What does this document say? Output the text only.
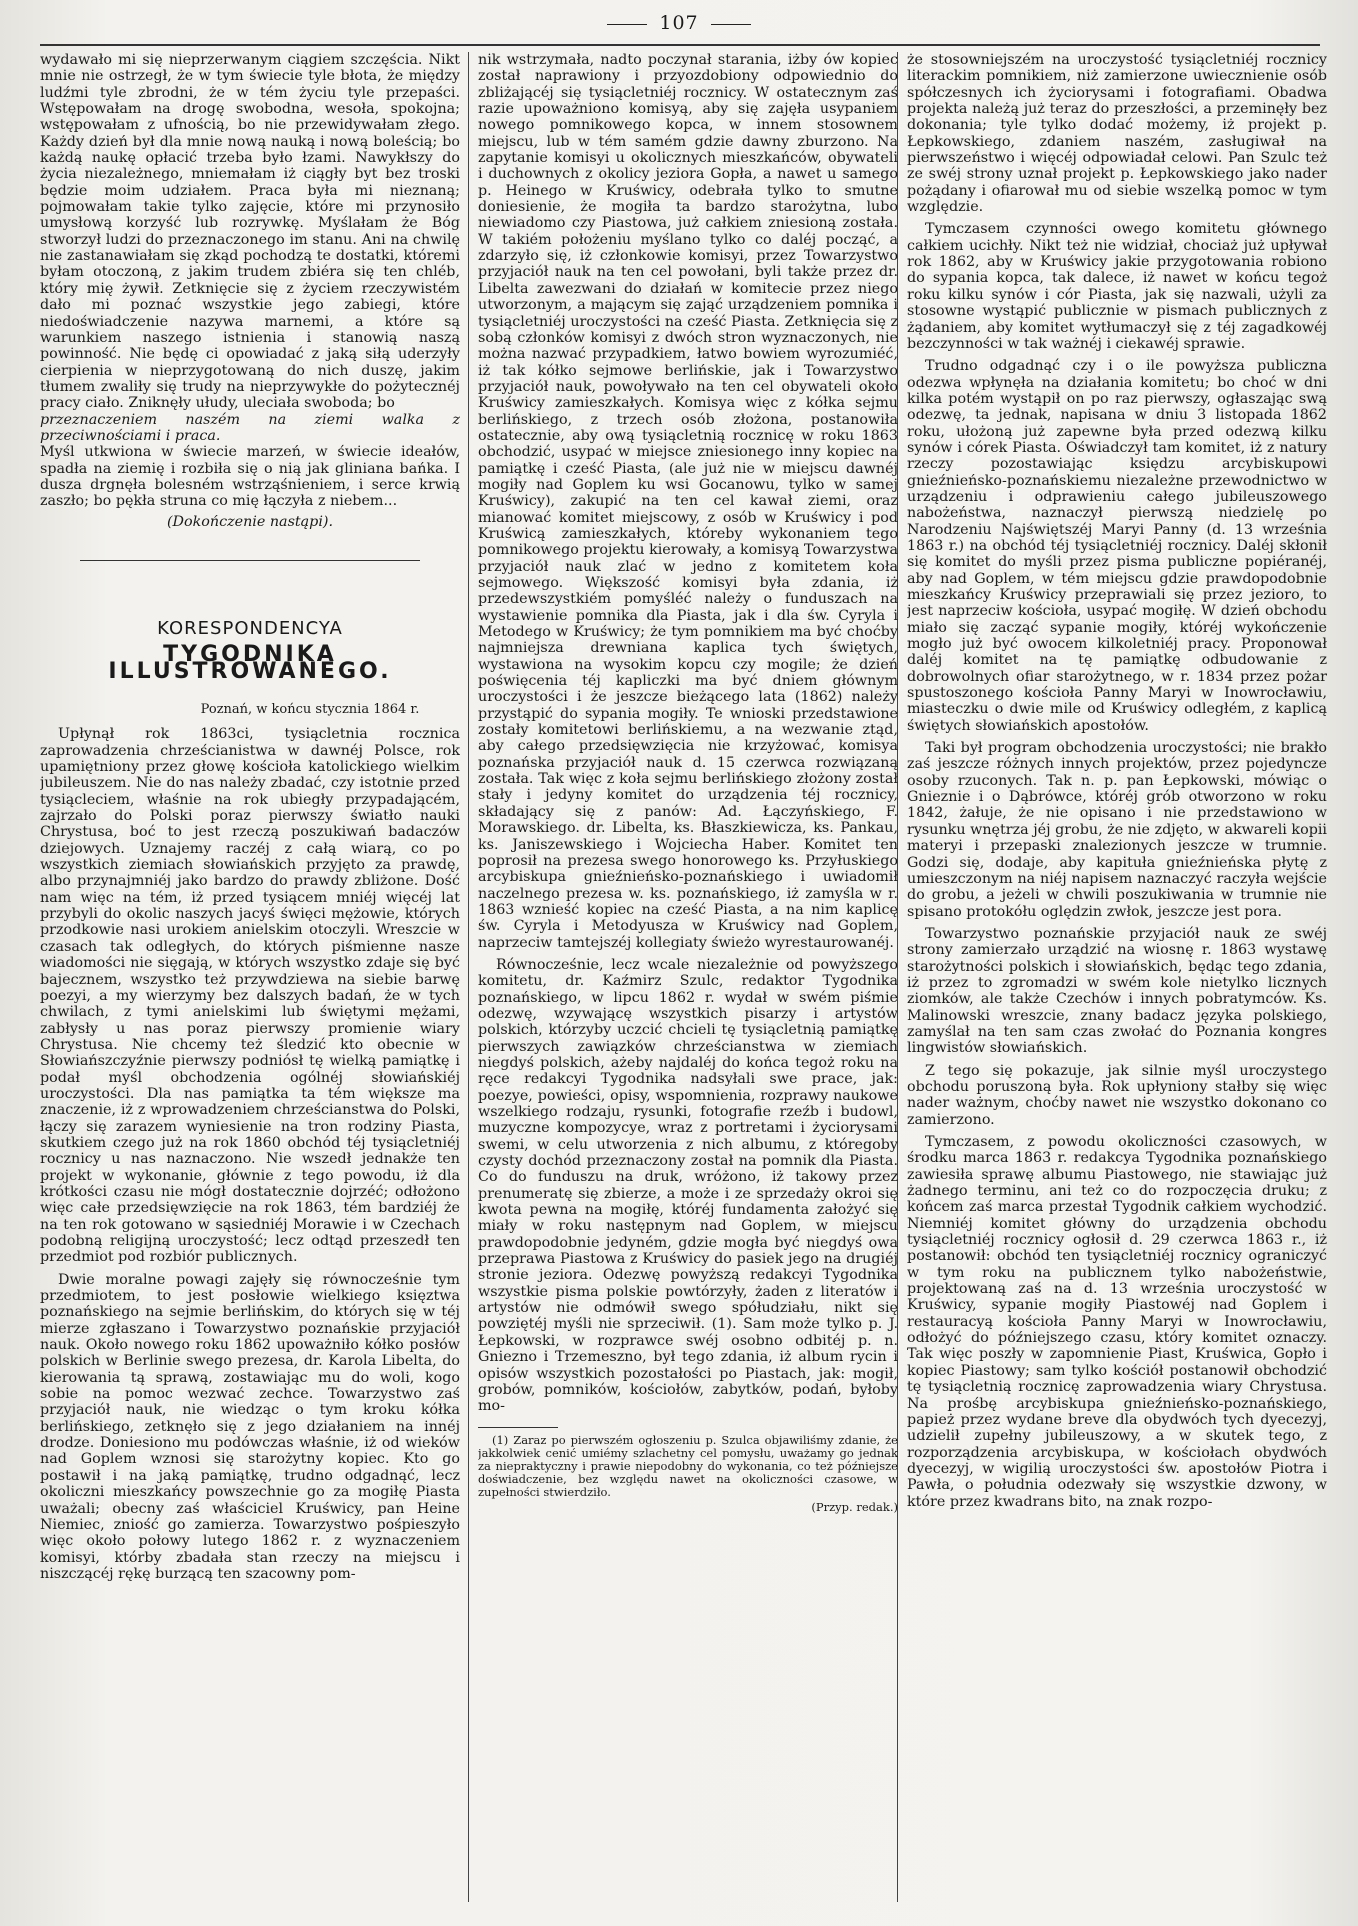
107

wydawało mi się nieprzerwanym ciągiem szczęścia. Nikt mnie nie ostrzegł, że w tym świecie tyle błota, że między ludźmi tyle zbrodni, że w tém życiu tyle przepaści. Wstępowałam na drogę swobodna, wesoła, spokojna; wstępowałam z ufnością, bo nie przewidywałam złego. Każdy dzień był dla mnie nową nauką i nową boleścią; bo każdą naukę opłacić trzeba było łzami. Nawykłszy do życia niezależnego, mniemałam iż ciągły byt bez troski będzie moim udziałem. Praca była mi nieznaną; pojmowałam takie tylko zajęcie, które mi przynosiło umysłową korzyść lub rozrywkę. Myślałam że Bóg stworzył ludzi do przeznaczonego im stanu. Ani na chwilę nie zastanawiałam się zkąd pochodzą te dostatki, któremi byłam otoczoną, z jakim trudem zbiéra się ten chléb, który mię żywił. Zetknięcie się z życiem rzeczywistém dało mi poznać wszystkie jego zabiegi, które niedoświadczenie nazywa marnemi, a które są warunkiem naszego istnienia i stanowią naszą powinność. Nie będę ci opowiadać z jaką siłą uderzyły cierpienia w nieprzygotowaną do nich duszę, jakim tłumem zwaliły się trudy na nieprzywykłe do pożytecznéj pracy ciało. Zniknęły ułudy, uleciała swoboda; bo

przeznaczeniem naszém na ziemi walka z przeciwnościami i praca.

Myśl utkwiona w świecie marzeń, w świecie ideałów, spadła na ziemię i rozbiła się o nią jak gliniana bańka. I dusza drgnęła bolesném wstrząśnieniem, i serce krwią zaszło; bo pękła struna co mię łączyła z niebem...

(Dokończenie nastąpi).
KORESPONDENCYA
TYGODNIKA ILLUSTROWANEGO.
Poznań, w końcu stycznia 1864 r.

Upłynął rok 1863ci, tysiącletnia rocznica zaprowadzenia chrześcianistwa w dawnéj Polsce, rok upamiętniony przez głowę kościoła katolickiego wielkim jubileuszem. Nie do nas należy zbadać, czy istotnie przed tysiącleciem, właśnie na rok ubiegły przypadającém, zajrzało do Polski poraz pierwszy światło nauki Chrystusa, boć to jest rzeczą poszukiwań badaczów dziejowych. Uznajemy raczéj z całą wiarą, co po wszystkich ziemiach słowiańskich przyjęto za prawdę, albo przynajmniéj jako bardzo do prawdy zbliżone. Dość nam więc na tém, iż przed tysiącem mniéj więcéj lat przybyli do okolic naszych jacyś święci mężowie, których przodkowie nasi urokiem anielskim otoczyli. Wreszcie w czasach tak odległych, do których piśmienne nasze wiadomości nie sięgają, w których wszystko zdaje się być bajecznem, wszystko też przywdziewa na siebie barwę poezyi, a my wierzymy bez dalszych badań, że w tych chwilach, z tymi anielskimi lub świętymi mężami, zabłysły u nas poraz pierwszy promienie wiary Chrystusa. Nie chcemy też śledzić kto obecnie w Słowiańszczyźnie pierwszy podniósł tę wielką pamiątkę i podał myśl obchodzenia ogólnéj słowiańskiéj uroczystości. Dla nas pamiątka ta tém większe ma znaczenie, iż z wprowadzeniem chrześcianstwa do Polski, łączy się zarazem wyniesienie na tron rodziny Piasta, skutkiem czego już na rok 1860 obchód téj tysiącletniéj rocznicy u nas naznaczono. Nie wszedł jednakże ten projekt w wykonanie, głównie z tego powodu, iż dla krótkości czasu nie mógł dostatecznie dojrzéć; odłożono więc całe przedsięwzięcie na rok 1863, tém bardziéj że na ten rok gotowano w sąsiedniéj Morawie i w Czechach podobną religijną uroczystość; lecz odtąd przeszedł ten przedmiot pod rozbiór publicznych.

Dwie moralne powagi zajęły się równocześnie tym przedmiotem, to jest posłowie wielkiego księztwa poznańskiego na sejmie berlińskim, do których się w téj mierze zgłaszano i Towarzystwo poznańskie przyjaciół nauk. Około nowego roku 1862 upoważniło kółko posłów polskich w Berlinie swego prezesa, dr. Karola Libelta, do kierowania tą sprawą, zostawiając mu do woli, kogo sobie na pomoc wezwać zechce. Towarzystwo zaś przyjaciół nauk, nie wiedząc o tym kroku kółka berlińskiego, zetknęło się z jego działaniem na innéj drodze. Doniesiono mu podówczas właśnie, iż od wieków nad Goplem wznosi się starożytny kopiec. Kto go postawił i na jaką pamiątkę, trudno odgadnąć, lecz okoliczni mieszkańcy powszechnie go za mogiłę Piasta uważali; obecny zaś właściciel Kruświcy, pan Heine Niemiec, zniość go zamierza. Towarzystwo pośpieszyło więc około połowy lutego 1862 r. z wyznaczeniem komisyi, którby zbadała stan rzeczy na miejscu i niszczącéj rękę burzącą ten szacowny pom-

nik wstrzymała, nadto poczynał starania, iżby ów kopiec został naprawiony i przyozdobiony odpowiednio do zbliżającéj się tysiącletniéj rocznicy. W ostatecznym zaś razie upoważniono komisyą, aby się zajęła usypaniem nowego pomnikowego kopca, w innem stosownem miejscu, lub w tém samém gdzie dawny zburzono. Na zapytanie komisyi u okolicznych mieszkańców, obywateli i duchownych z okolicy jeziora Gopła, a nawet u samego p. Heinego w Kruświcy, odebrała tylko to smutne doniesienie, że mogiła ta bardzo starożytna, lubo niewiadomo czy Piastowa, już całkiem zniesioną została. W takiém położeniu myślano tylko co daléj począć, a zdarzyło się, iż członkowie komisyi, przez Towarzystwo przyjaciół nauk na ten cel powołani, byli także przez dr. Libelta zawezwani do działań w komitecie przez niego utworzonym, a mającym się zająć urządzeniem pomnika i tysiącletniéj uroczystości na cześć Piasta. Zetknięcia się z sobą członków komisyi z dwóch stron wyznaczonych, nie można nazwać przypadkiem, łatwo bowiem wyrozumiéć, iż tak kółko sejmowe berlińskie, jak i Towarzystwo przyjaciół nauk, powoływało na ten cel obywateli około Kruświcy zamieszkałych. Komisya więc z kółka sejmu berlińskiego, z trzech osób złożona, postanowiła ostatecznie, aby ową tysiącletnią rocznicę w roku 1863 obchodzić, usypać w miejsce zniesionego inny kopiec na pamiątkę i cześć Piasta, (ale już nie w miejscu dawnéj mogiły nad Goplem ku wsi Gocanowu, tylko w samej Kruświcy), zakupić na ten cel kawał ziemi, oraz mianować komitet miejscowy, z osób w Kruświcy i pod Kruświcą zamieszkałych, któreby wykonaniem tego pomnikowego projektu kierowały, a komisyą Towarzystwa przyjaciół nauk zlać w jedno z komitetem koła sejmowego. Większość komisyi była zdania, iż przedewszystkiém pomyśléć należy o funduszach na wystawienie pomnika dla Piasta, jak i dla św. Cyryla i Metodego w Kruświcy; że tym pomnikiem ma być choćby najmniejsza drewniana kaplica tych świętych, wystawiona na wysokim kopcu czy mogile; że dzień poświęcenia téj kapliczki ma być dniem głównym uroczystości i że jeszcze bieżącego lata (1862) należy przystąpić do sypania mogiły. Te wnioski przedstawione zostały komitetowi berlińskiemu, a na wezwanie ztąd, aby całego przedsięwzięcia nie krzyżować, komisya poznańska przyjaciół nauk d. 15 czerwca rozwiązaną została. Tak więc z koła sejmu berlińskiego złożony został stały i jedyny komitet do urządzenia téj rocznicy, składający się z panów: Ad. Łączyńskiego, F. Morawskiego. dr. Libelta, ks. Błaszkiewicza, ks. Pankau, ks. Janiszewskiego i Wojciecha Haber. Komitet ten poprosił na prezesa swego honorowego ks. Przyłuskiego arcybiskupa gnieźnieńsko-poznańskiego i uwiadomił naczelnego prezesa w. ks. poznańskiego, iż zamyśla w r. 1863 wznieść kopiec na cześć Piasta, a na nim kaplicę św. Cyryla i Metodyusza w Kruświcy nad Goplem, naprzeciw tamtejszéj kollegiaty świeżo wyrestaurowanéj.

Równocześnie, lecz wcale niezależnie od powyższego komitetu, dr. Kaźmirz Szulc, redaktor Tygodnika poznańskiego, w lipcu 1862 r. wydał w swém piśmie odezwę, wzywającę wszystkich pisarzy i artystów polskich, którzyby uczcić chcieli tę tysiącletnią pamiątkę pierwszych zawiązków chrześcianstwa w ziemiach niegdyś polskich, ażeby najdaléj do końca tegoż roku na ręce redakcyi Tygodnika nadsyłali swe prace, jak: poezye, powieści, opisy, wspomnienia, rozprawy naukowe wszelkiego rodzaju, rysunki, fotografie rzeźb i budowl, muzyczne kompozycye, wraz z portretami i życiorysami swemi, w celu utworzenia z nich albumu, z któregoby czysty dochód przeznaczony został na pomnik dla Piasta. Co do funduszu na druk, wróżono, iż takowy przez prenumeratę się zbierze, a może i ze sprzedaży okroi się kwota pewna na mogiłę, któréj fundamenta założyć się miały w roku następnym nad Goplem, w miejscu prawdopodobnie jedyném, gdzie mogła być niegdyś owa przeprawa Piastowa z Kruświcy do pasiek jego na drugiéj stronie jeziora. Odezwę powyższą redakcyi Tygodnika wszystkie pisma polskie powtórzyły, żaden z literatów i artystów nie odmówił swego spółudziału, nikt się powziętéj myśli nie sprzeciwił. (1). Sam może tylko p. J. Łepkowski, w rozprawce swéj osobno odbitéj p. n. Gniezno i Trzemeszno, był tego zdania, iż album rycin i opisów wszystkich pozostałości po Piastach, jak: mogił, grobów, pomników, kościołów, zabytków, podań, byłoby mo-

(1) Zaraz po pierwszém ogłoszeniu p. Szulca objawiliśmy zdanie, że jakkolwiek cenić umiémy szlachetny cel pomysłu, uważamy go jednak za niepraktyczny i prawie niepodobny do wykonania, co też późniejsze doświadczenie, bez względu nawet na okoliczności czasowe, w zupełności stwierdziło.

(Przyp. redak.)

że stosowniejszém na uroczystość tysiącletniéj rocznicy literackim pomnikiem, niż zamierzone uwiecznienie osób spółczesnych ich życiorysami i fotografiami. Obadwa projekta należą już teraz do przeszłości, a przeminęły bez dokonania; tyle tylko dodać możemy, iż projekt p. Łepkowskiego, zdaniem naszém, zasługiwał na pierwszeństwo i więcéj odpowiadał celowi. Pan Szulc też ze swéj strony uznał projekt p. Łepkowskiego jako nader pożądany i ofiarował mu od siebie wszelką pomoc w tym względzie.

Tymczasem czynności owego komitetu głównego całkiem ucichły. Nikt też nie widział, chociaż już upływał rok 1862, aby w Kruświcy jakie przygotowania robiono do sypania kopca, tak dalece, iż nawet w końcu tegoż roku kilku synów i cór Piasta, jak się nazwali, użyli za stosowne wystąpić publicznie w pismach publicznych z żądaniem, aby komitet wytłumaczył się z téj zagadkowéj bezczynności w tak ważnéj i ciekawéj sprawie.

Trudno odgadnąć czy i o ile powyższa publiczna odezwa wpłynęła na działania komitetu; bo choć w dni kilka potém wystąpił on po raz pierwszy, ogłaszając swą odezwę, ta jednak, napisana w dniu 3 listopada 1862 roku, ułożoną już zapewne była przed odezwą kilku synów i córek Piasta. Oświadczył tam komitet, iż z natury rzeczy pozostawiając księdzu arcybiskupowi gnieźnieńsko-poznańskiemu niezależne przewodnictwo w urządzeniu i odprawieniu całego jubileuszowego nabożeństwa, naznaczył pierwszą niedzielę po Narodzeniu Najświętszéj Maryi Panny (d. 13 września 1863 r.) na obchód téj tysiącletniéj rocznicy. Daléj skłonił się komitet do myśli przez pisma publiczne popiéranéj, aby nad Goplem, w tém miejscu gdzie prawdopodobnie mieszkańcy Kruświcy przeprawiali się przez jezioro, to jest naprzeciw kościoła, usypać mogiłę. W dzień obchodu miało się zacząć sypanie mogiły, któréj wykończenie mogło już być owocem kilkoletniéj pracy. Proponował daléj komitet na tę pamiątkę odbudowanie z dobrowolnych ofiar starożytnego, w r. 1834 przez pożar spustoszonego kościoła Panny Maryi w Inowrocławiu, miasteczku o dwie mile od Kruświcy odległém, z kaplicą świętych słowiańskich apostołów.

Taki był program obchodzenia uroczystości; nie brakło zaś jeszcze różnych innych projektów, przez pojedyncze osoby rzuconych. Tak n. p. pan Łepkowski, mówiąc o Gnieznie i o Dąbrówce, któréj grób otworzono w roku 1842, żałuje, że nie opisano i nie przedstawiono w rysunku wnętrza jéj grobu, że nie zdjęto, w akwareli kopii materyi i przepaski znalezionych jeszcze w trumnie. Godzi się, dodaje, aby kapituła gnieźnieńska płytę z umieszczonym na niéj napisem naznaczyć raczyła wejście do grobu, a jeżeli w chwili poszukiwania w trumnie nie spisano protokółu oględzin zwłok, jeszcze jest pora.

Towarzystwo poznańskie przyjaciół nauk ze swéj strony zamierzało urządzić na wiosnę r. 1863 wystawę starożytności polskich i słowiańskich, będąc tego zdania, iż przez to zgromadzi w swém kole nietylko licznych ziomków, ale także Czechów i innych pobratymców. Ks. Malinowski wreszcie, znany badacz języka polskiego, zamyślał na ten sam czas zwołać do Poznania kongres lingwistów słowiańskich.

Z tego się pokazuje, jak silnie myśl uroczystego obchodu poruszoną była. Rok upłyniony stałby się więc nader ważnym, choćby nawet nie wszystko dokonano co zamierzono.

Tymczasem, z powodu okoliczności czasowych, w środku marca 1863 r. redakcya Tygodnika poznańskiego zawiesiła sprawę albumu Piastowego, nie stawiając już żadnego terminu, ani też co do rozpoczęcia druku; z końcem zaś marca przestał Tygodnik całkiem wychodzić. Niemniéj komitet główny do urządzenia obchodu tysiącletniéj rocznicy ogłosił d. 29 czerwca 1863 r., iż postanowił: obchód ten tysiącletniéj rocznicy ograniczyć w tym roku na publicznem tylko nabożeństwie, projektowaną zaś na d. 13 września uroczystość w Kruświcy, sypanie mogiły Piastowéj nad Goplem i restauracyą kościoła Panny Maryi w Inowrocławiu, odłożyć do późniejszego czasu, który komitet oznaczy. Tak więc poszły w zapomnienie Piast, Kruświca, Gopło i kopiec Piastowy; sam tylko kościół postanowił obchodzić tę tysiącletnią rocznicę zaprowadzenia wiary Chrystusa. Na prośbę arcybiskupa gnieźnieńsko-poznańskiego, papież przez wydane breve dla obydwóch tych dyecezyj, udzielił zupełny jubileuszowy, a w skutek tego, z rozporządzenia arcybiskupa, w kościołach obydwóch dyecezyj, w wigilią uroczystości św. apostołów Piotra i Pawła, o południa odezwały się wszystkie dzwony, w które przez kwadrans bito, na znak rozpo-
